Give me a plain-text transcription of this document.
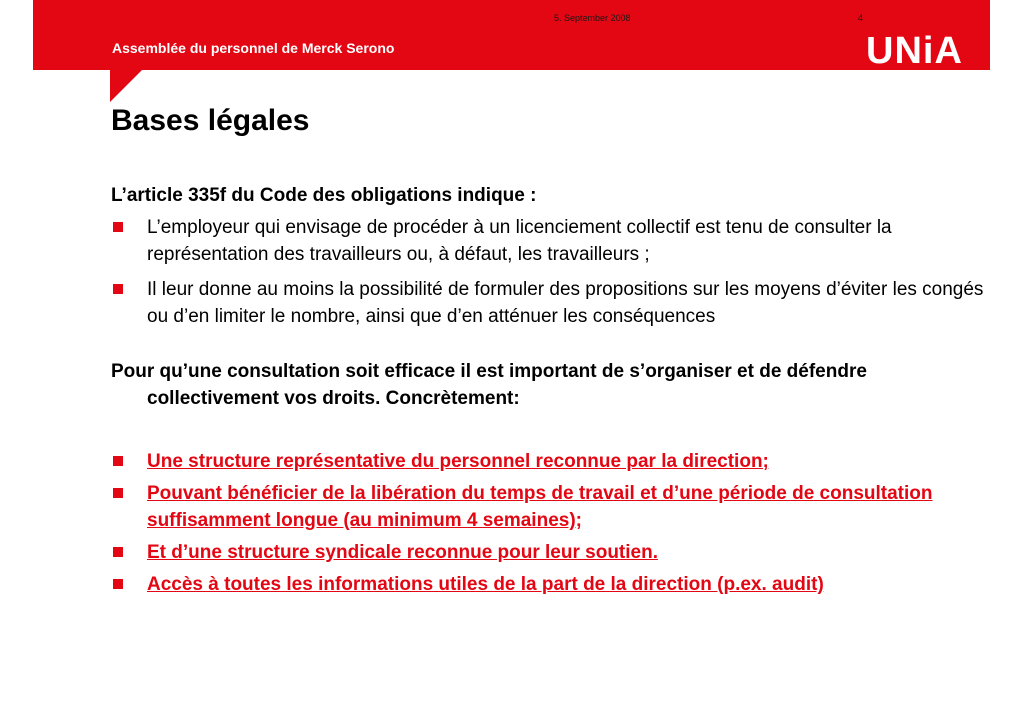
5. September 2008	4
Assemblée du personnel de Merck Serono	UNiA
Bases légales

L’article 335f du Code des obligations indique :

L’employeur qui envisage de procéder à un licenciement collectif est tenu de consulter la représentation des travailleurs ou, à défaut, les travailleurs ;
Il leur donne au moins la possibilité de formuler des propositions sur les moyens d’éviter les congés ou d’en limiter le nombre, ainsi que d’en atténuer les conséquences

Pour qu’une consultation soit efficace il est important de s’organiser et de défendre collectivement vos droits. Concrètement:

Une structure représentative du personnel reconnue par la direction;
Pouvant bénéficier de la libération du temps de travail et d’une période de consultation suffisamment longue (au minimum 4 semaines);
Et d’une structure syndicale reconnue pour leur soutien.
Accès à toutes les informations utiles de la part de la direction (p.ex. audit)
